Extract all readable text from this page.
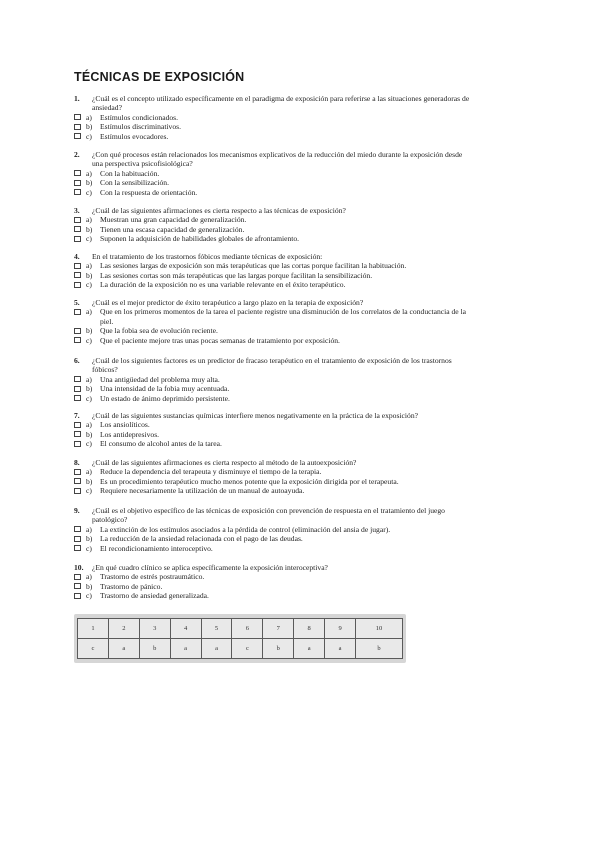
TÉCNICAS DE EXPOSICIÓN
1.	¿Cuál es el concepto utilizado específicamente en el paradigma de exposición para referirse a las situaciones generadoras de ansiedad?
a)	Estímulos condicionados.
b)	Estímulos discriminativos.
c)	Estímulos evocadores.
2.	¿Con qué procesos están relacionados los mecanismos explicativos de la reducción del miedo durante la exposición desde una perspectiva psicofisiológica?
a)	Con la habituación.
b)	Con la sensibilización.
c)	Con la respuesta de orientación.
3.	¿Cuál de las siguientes afirmaciones es cierta respecto a las técnicas de exposición?
a)	Muestran una gran capacidad de generalización.
b)	Tienen una escasa capacidad de generalización.
c)	Suponen la adquisición de habilidades globales de afrontamiento.
4.	En el tratamiento de los trastornos fóbicos mediante técnicas de exposición:
a)	Las sesiones largas de exposición son más terapéuticas que las cortas porque facilitan la habituación.
b)	Las sesiones cortas son más terapéuticas que las largas porque facilitan la sensibilización.
c)	La duración de la exposición no es una variable relevante en el éxito terapéutico.
5.	¿Cuál es el mejor predictor de éxito terapéutico a largo plazo en la terapia de exposición?
a)	Que en los primeros momentos de la tarea el paciente registre una disminución de los correlatos de la conductancia de la piel.
b)	Que la fobia sea de evolución reciente.
c)	Que el paciente mejore tras unas pocas semanas de tratamiento por exposición.
6.	¿Cuál de los siguientes factores es un predictor de fracaso terapéutico en el tratamiento de exposición de los trastornos fóbicos?
a)	Una antigüedad del problema muy alta.
b)	Una intensidad de la fobia muy acentuada.
c)	Un estado de ánimo deprimido persistente.
7.	¿Cuál de las siguientes sustancias químicas interfiere menos negativamente en la práctica de la exposición?
a)	Los ansiolíticos.
b)	Los antidepresivos.
c)	El consumo de alcohol antes de la tarea.
8.	¿Cuál de las siguientes afirmaciones es cierta respecto al método de la autoexposición?
a)	Reduce la dependencia del terapeuta y disminuye el tiempo de la terapia.
b)	Es un procedimiento terapéutico mucho menos potente que la exposición dirigida por el terapeuta.
c)	Requiere necesariamente la utilización de un manual de autoayuda.
9.	¿Cuál es el objetivo específico de las técnicas de exposición con prevención de respuesta en el tratamiento del juego patológico?
a)	La extinción de los estímulos asociados a la pérdida de control (eliminación del ansia de jugar).
b)	La reducción de la ansiedad relacionada con el pago de las deudas.
c)	El recondicionamiento interoceptivo.
10.	¿En qué cuadro clínico se aplica específicamente la exposición interoceptiva?
a)	Trastorno de estrés postraumático.
b)	Trastorno de pánico.
c)	Trastorno de ansiedad generalizada.
1	2	3	4	5	6	7	8	9	10
c	a	b	a	a	c	b	a	a	b
